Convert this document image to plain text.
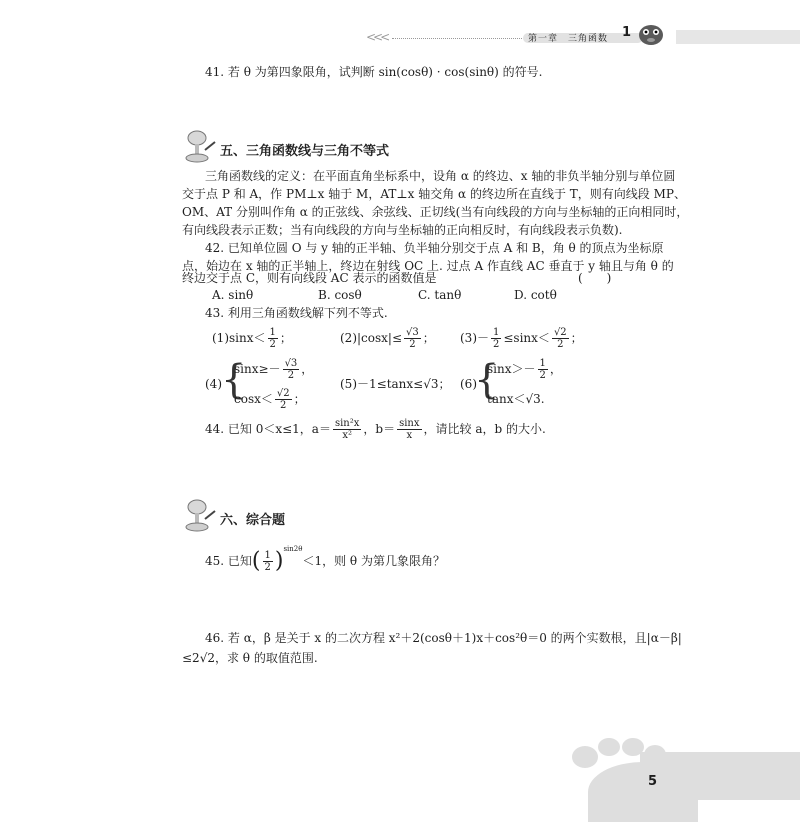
<<<	第一章　三角函数 1
41. 若 θ 为第四象限角，试判断 sin(cosθ) · cos(sinθ) 的符号.
五、三角函数线与三角不等式
三角函数线的定义：在平面直角坐标系中，设角 α 的终边、x 轴的非负半轴分别与单位圆
交于点 P 和 A，作 PM⊥x 轴于 M，AT⊥x 轴交角 α 的终边所在直线于 T，则有向线段 MP、
OM、AT 分别叫作角 α 的正弦线、余弦线、正切线(当有向线段的方向与坐标轴的正向相同时，
有向线段表示正数；当有向线段的方向与坐标轴的正向相反时，有向线段表示负数).
42. 已知单位圆 O 与 y 轴的正半轴、负半轴分别交于点 A 和 B，角 θ 的顶点为坐标原
点，始边在 x 轴的正半轴上，终边在射线 OC 上. 过点 A 作直线 AC 垂直于 y 轴且与角 θ 的
终边交于点 C，则有向线段 AC 表示的函数值是	(　　)
A. sinθ	B. cosθ	C. tanθ	D. cotθ
43. 利用三角函数线解下列不等式.
$(1)\sin x< \frac{1}{2}$ ；	$(2)|\cos x|\le \frac{√3}{2}$ ； $(3)- \frac{1}{2} \le\sin x< \frac{√2}{2}$ ；
(4) {
$\sin x\ge- \frac{√3}{2}$ ，
$\cos x< \frac{√2}{2}$ ；
(5)－1≤tanx≤√3； (6)
{
$\sin x>- \frac{1}{2}$ ，
tanx＜√3.
44. 已知 0＜x≤1，$a= \frac{\text{sin²x}}{\text{x²}}$ ，$b= \frac{\sin x}{x}$ ，请比较 a，b 的大小.
六、综合题
45. 已知( $\frac{1}{2} )^{sin2\theta}<1$，则 θ 为第几象限角？
46. 若 α，β 是关于 x 的二次方程 x²＋2(cosθ＋1)x＋cos²θ＝0 的两个实数根，且|α－β|
≤2√2，求 θ 的取值范围.
5
